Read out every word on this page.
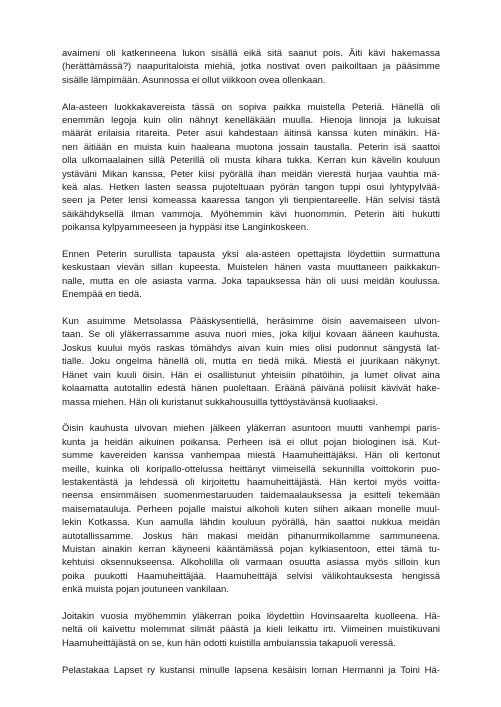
avaimeni oli katkenneena lukon sisällä eikä sitä saanut pois. Äiti kävi hakemassa
(herättämässä?) naapuritaloista miehiä, jotka nostivat oven paikoiltaan ja pääsimme
sisälle lämpimään. Asunnossa ei ollut viikkoon ovea ollenkaan.
Ala-asteen luokkakavereista tässä on sopiva paikka muistella Peteriä. Hänellä oli
enemmän legoja kuin olin nähnyt kenelläkään muulla. Hienoja linnoja ja lukuisat
määrät erilaisia ritareita. Peter asui kahdestaan äitinsä kanssa kuten minäkin. Hä-
nen äitiään en muista kuin haaleana muotona jossain taustalla. Peterin isä saattoi
olla ulkomaalainen sillä Peterillä oli musta kihara tukka. Kerran kun kävelin kouluun
ystäväni Mikan kanssa, Peter kiisi pyörällä ihan meidän vierestä hurjaa vauhtia mä-
keä alas. Hetken lasten seassa pujoteltuaan pyörän tangon tuppi osui lyhtypylvää-
seen ja Peter lensi komeassa kaaressa tangon yli tienpientareelle. Hän selvisi tästä
säikähdyksellä ilman vammoja. Myöhemmin kävi huonommin. Peterin äiti hukutti
poikansa kylpyammeeseen ja hyppäsi itse Langinkoskeen.
Ennen Peterin surullista tapausta yksi ala-asteen opettajista löydettiin surmattuna
keskustaan vievän sillan kupeesta. Muistelen hänen vasta muuttaneen paikkakun-
nalle, mutta en ole asiasta varma. Joka tapauksessa hän oli uusi meidän koulussa.
Enempää en tiedä.
Kun asuimme Metsolassa Pääskysentiellä, heräsimme öisin aavemaiseen ulvon-
taan. Se oli yläkerrassamme asuva nuori mies, joka kiljui kovaan ääneen kauhusta.
Joskus kuului myös raskas tömähdys aivan kuin mies olisi pudonnut sängystä lat-
tialle. Joku ongelma hänellä oli, mutta en tiedä mikä. Miestä ei juurikaan näkynyt.
Hänet vain kuuli öisin. Hän ei osallistunut yhteisiin pihatöihin, ja lumet olivat aina
kolaamatta autotallin edestä hänen puoleltaan. Eräänä päivänä poliisit kävivät hake-
massa miehen. Hän oli kuristanut sukkahousuilla tyttöystävänsä kuoliaaksi.
Öisin kauhusta ulvovan miehen jälkeen yläkerran asuntoon muutti vanhempi paris-
kunta ja heidän aikuinen poikansa. Perheen isä ei ollut pojan biologinen isä. Kut-
summe kavereiden kanssa vanhempaa miestä Haamuheittäjäksi. Hän oli kertonut
meille, kuinka oli koripallo-ottelussa heittänyt viimeisellä sekunnilla voittokorin puo-
lestakentästä ja lehdessä oli kirjoitettu haamuheittäjästä. Hän kertoi myös voitta-
neensa ensimmäisen suomenmestaruuden taidemaalauksessa ja esitteli tekemään
maisemataulujа. Perheen pojalle maistui alkoholi kuten siihen aikaan monelle muul-
lekin Kotkassa. Kun aamulla lähdin kouluun pyörällä, hän saattoi nukkua meidän
autotallissamme. Joskus hän makasi meidän pihanurmikollamme sammuneena.
Muistan ainakin kerran käyneeni kääntämässä pojan kylkiasentoon, ettei tämä tu-
kehtuisi oksennukseensa. Alkoholilla oli varmaan osuutta asiassa myös silloin kun
poika puukotti Haamuheittäjää. Haamuheittäjä selvisi välikohtauksesta hengissä
enkä muista pojan joutuneen vankilaan.
Joitakin vuosia myöhemmin yläkerran poika löydettiin Hovinsaarelta kuolleena. Hä-
neltä oli kaivettu molemmat silmät päästä ja kieli leikattu irti. Viimeinen muistikuvani
Haamuheittäjästä on se, kun hän odotti kuistilla ambulanssia takapuoli veressä.
Pelastakaa Lapset ry kustansi minulle lapsena kesäisin loman Hermanni ja Toini Hä-
